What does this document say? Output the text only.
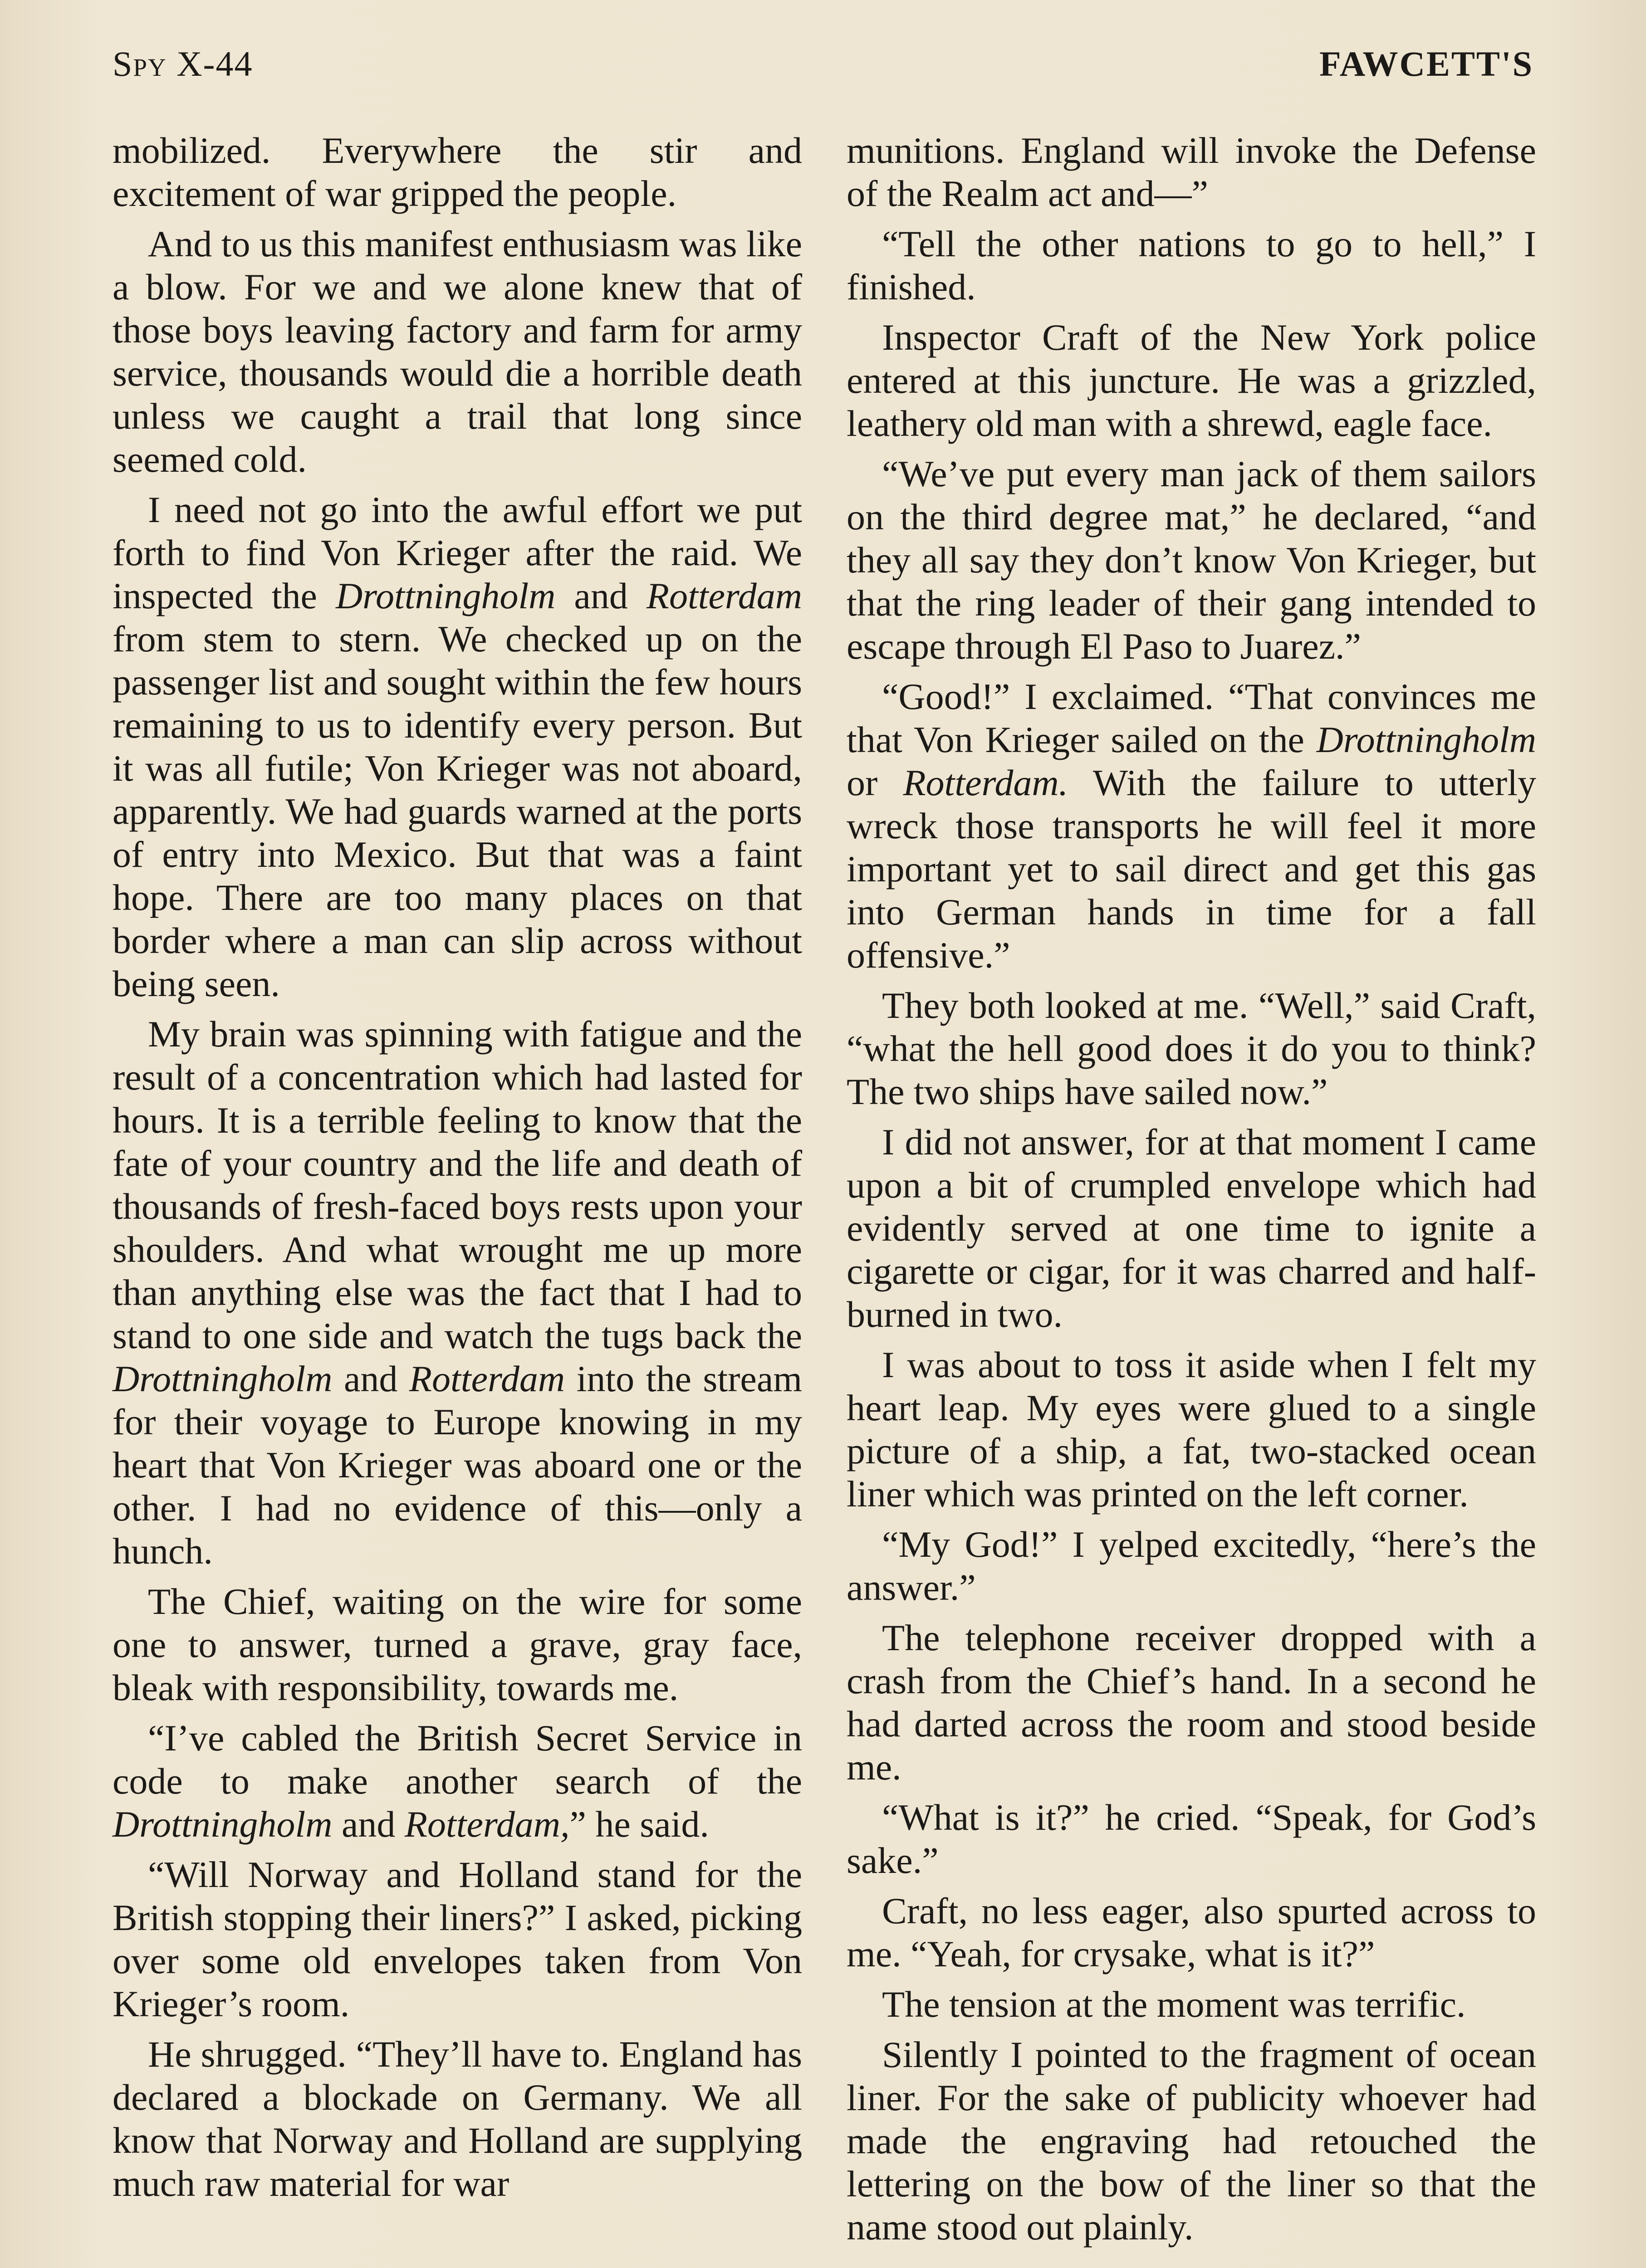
Spy X-44	FAWCETT'S

mobilized. Everywhere the stir and excitement of war gripped the people.

And to us this manifest enthusiasm was like a blow. For we and we alone knew that of those boys leaving factory and farm for army service, thousands would die a horrible death unless we caught a trail that long since seemed cold.

I need not go into the awful effort we put forth to find Von Krieger after the raid. We inspected the Drottningholm and Rotterdam from stem to stern. We checked up on the passenger list and sought within the few hours remaining to us to identify every person. But it was all futile; Von Krieger was not aboard, apparently. We had guards warned at the ports of entry into Mexico. But that was a faint hope. There are too many places on that border where a man can slip across without being seen.

My brain was spinning with fatigue and the result of a concentration which had lasted for hours. It is a terrible feeling to know that the fate of your country and the life and death of thousands of fresh-faced boys rests upon your shoulders. And what wrought me up more than anything else was the fact that I had to stand to one side and watch the tugs back the Drottningholm and Rotterdam into the stream for their voyage to Europe knowing in my heart that Von Krieger was aboard one or the other. I had no evidence of this—only a hunch.

The Chief, waiting on the wire for some one to answer, turned a grave, gray face, bleak with responsibility, towards me.

“I’ve cabled the British Secret Service in code to make another search of the Drottningholm and Rotterdam,” he said.

“Will Norway and Holland stand for the British stopping their liners?” I asked, picking over some old envelopes taken from Von Krieger’s room.

He shrugged. “They’ll have to. England has declared a blockade on Germany. We all know that Norway and Holland are supplying much raw material for war

munitions. England will invoke the Defense of the Realm act and—”

“Tell the other nations to go to hell,” I finished.

Inspector Craft of the New York police entered at this juncture. He was a grizzled, leathery old man with a shrewd, eagle face.

“We’ve put every man jack of them sailors on the third degree mat,” he declared, “and they all say they don’t know Von Krieger, but that the ring leader of their gang intended to escape through El Paso to Juarez.”

“Good!” I exclaimed. “That convinces me that Von Krieger sailed on the Drottningholm or Rotterdam. With the failure to utterly wreck those transports he will feel it more important yet to sail direct and get this gas into German hands in time for a fall offensive.”

They both looked at me. “Well,” said Craft, “what the hell good does it do you to think? The two ships have sailed now.”

I did not answer, for at that moment I came upon a bit of crumpled envelope which had evidently served at one time to ignite a cigarette or cigar, for it was charred and half-burned in two.

I was about to toss it aside when I felt my heart leap. My eyes were glued to a single picture of a ship, a fat, two-stacked ocean liner which was printed on the left corner.

“My God!” I yelped excitedly, “here’s the answer.”

The telephone receiver dropped with a crash from the Chief’s hand. In a second he had darted across the room and stood beside me.

“What is it?” he cried. “Speak, for God’s sake.”

Craft, no less eager, also spurted across to me. “Yeah, for crysake, what is it?”

The tension at the moment was terrific.

Silently I pointed to the fragment of ocean liner. For the sake of publicity whoever had made the engraving had retouched the lettering on the bow of the liner so that the name stood out plainly.
